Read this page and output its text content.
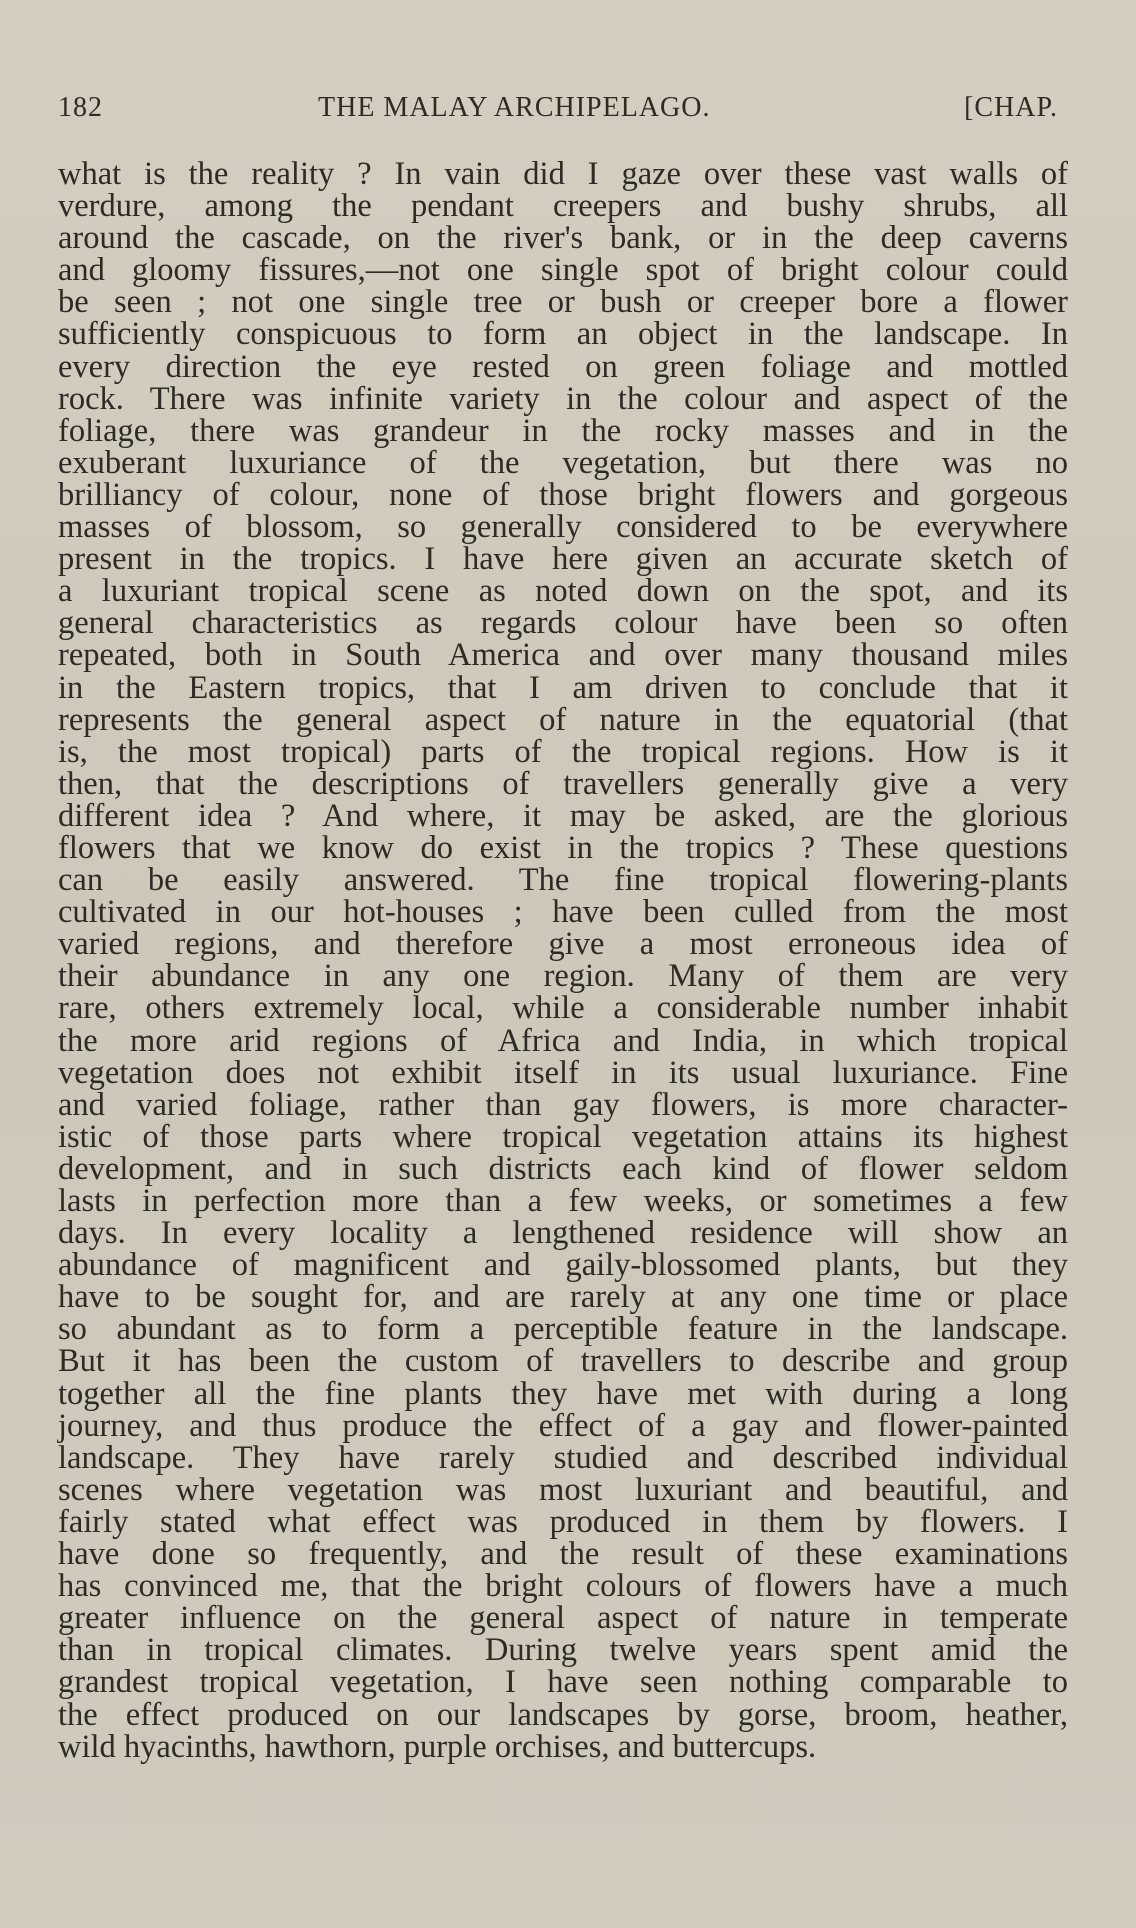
182	THE MALAY ARCHIPELAGO.	[CHAP.
what is the reality ? In vain did I gaze over these vast walls of
verdure, among the pendant creepers and bushy shrubs, all
around the cascade, on the river's bank, or in the deep caverns
and gloomy fissures,—not one single spot of bright colour could
be seen ; not one single tree or bush or creeper bore a flower
sufficiently conspicuous to form an object in the landscape. In
every direction the eye rested on green foliage and mottled
rock. There was infinite variety in the colour and aspect of the
foliage, there was grandeur in the rocky masses and in the
exuberant luxuriance of the vegetation, but there was no
brilliancy of colour, none of those bright flowers and gorgeous
masses of blossom, so generally considered to be everywhere
present in the tropics. I have here given an accurate sketch of
a luxuriant tropical scene as noted down on the spot, and its
general characteristics as regards colour have been so often
repeated, both in South America and over many thousand miles
in the Eastern tropics, that I am driven to conclude that it
represents the general aspect of nature in the equatorial (that
is, the most tropical) parts of the tropical regions. How is it
then, that the descriptions of travellers generally give a very
different idea ? And where, it may be asked, are the glorious
flowers that we know do exist in the tropics ? These questions
can be easily answered. The fine tropical flowering-plants
cultivated in our hot-houses ; have been culled from the most
varied regions, and therefore give a most erroneous idea of
their abundance in any one region. Many of them are very
rare, others extremely local, while a considerable number inhabit
the more arid regions of Africa and India, in which tropical
vegetation does not exhibit itself in its usual luxuriance. Fine
and varied foliage, rather than gay flowers, is more character-
istic of those parts where tropical vegetation attains its highest
development, and in such districts each kind of flower seldom
lasts in perfection more than a few weeks, or sometimes a few
days. In every locality a lengthened residence will show an
abundance of magnificent and gaily-blossomed plants, but they
have to be sought for, and are rarely at any one time or place
so abundant as to form a perceptible feature in the landscape.
But it has been the custom of travellers to describe and group
together all the fine plants they have met with during a long
journey, and thus produce the effect of a gay and flower-painted
landscape. They have rarely studied and described individual
scenes where vegetation was most luxuriant and beautiful, and
fairly stated what effect was produced in them by flowers. I
have done so frequently, and the result of these examinations
has convinced me, that the bright colours of flowers have a much
greater influence on the general aspect of nature in temperate
than in tropical climates. During twelve years spent amid the
grandest tropical vegetation, I have seen nothing comparable to
the effect produced on our landscapes by gorse, broom, heather,
wild hyacinths, hawthorn, purple orchises, and buttercups.
